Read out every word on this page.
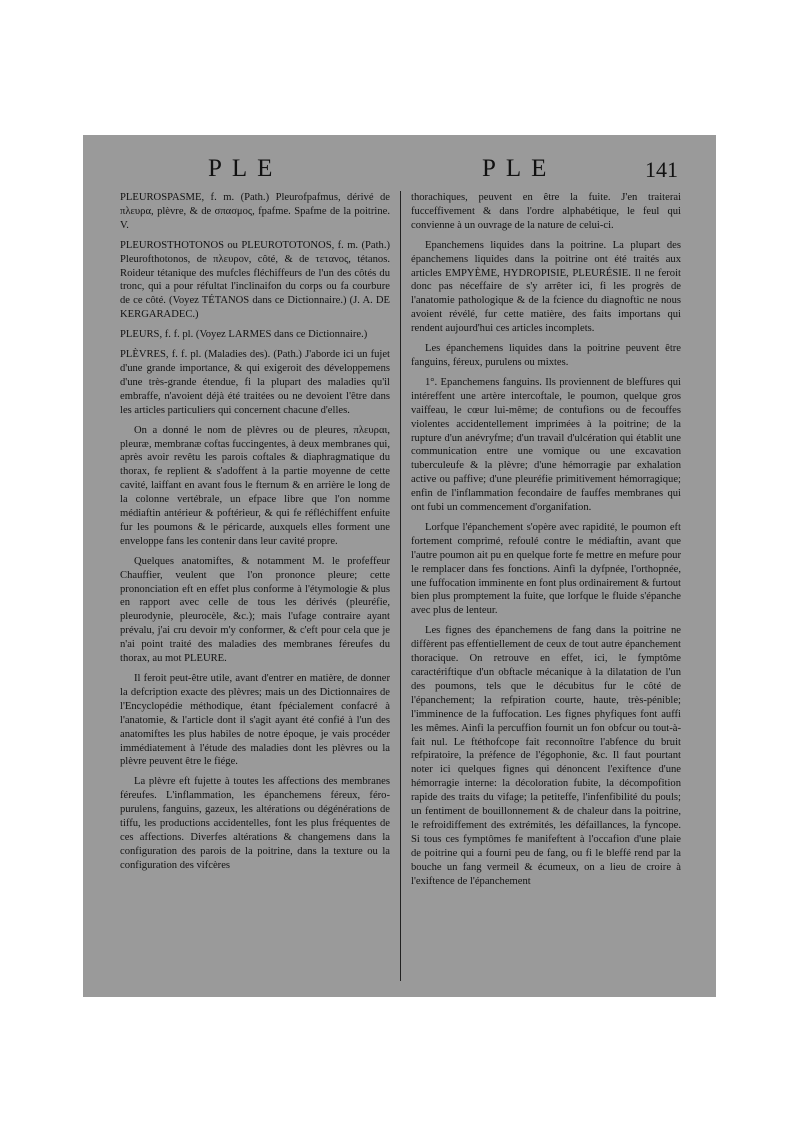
PLE	PLE	141

PLEUROSPASME, f. m. (Path.) Pleurofpafmus, dérivé de πλευρα, plèvre, & de σπασμος, fpafme. Spafme de la poitrine. V.

PLEUROSTHOTONOS ou PLEUROTOTONOS, f. m. (Path.) Pleurofthotonos, de πλευρον, côté, & de τετανος, tétanos. Roideur tétanique des mufcles fléchiffeurs de l'un des côtés du tronc, qui a pour réfultat l'inclinaifon du corps ou fa courbure de ce côté. (Voyez TÉTANOS dans ce Dictionnaire.) (J. A. DE KERGARADEC.)

PLEURS, f. f. pl. (Voyez LARMES dans ce Dictionnaire.)

PLÈVRES, f. f. pl. (Maladies des). (Path.) J'aborde ici un fujet d'une grande importance, & qui exigeroit des développemens d'une très-grande étendue, fi la plupart des maladies qu'il embraffe, n'avoient déjà été traitées ou ne devoient l'être dans les articles particuliers qui concernent chacune d'elles.

On a donné le nom de plèvres ou de pleures, πλευραι, pleuræ, membranæ coftas fuccingentes, à deux membranes qui, après avoir revêtu les parois coftales & diaphragmatique du thorax, fe replient & s'adoffent à la partie moyenne de cette cavité, laiffant en avant fous le fternum & en arrière le long de la colonne vertébrale, un efpace libre que l'on nomme médiaftin antérieur & poftérieur, & qui fe réfléchiffent enfuite fur les poumons & le péricarde, auxquels elles forment une enveloppe fans les contenir dans leur cavité propre.

Quelques anatomiftes, & notamment M. le profeffeur Chauffier, veulent que l'on prononce pleure; cette prononciation eft en effet plus conforme à l'étymologie & plus en rapport avec celle de tous les dérivés (pleuréfie, pleurodynie, pleurocèle, &c.); mais l'ufage contraire ayant prévalu, j'ai cru devoir m'y conformer, & c'eft pour cela que je n'ai point traité des maladies des membranes féreufes du thorax, au mot PLEURE.

Il feroit peut-être utile, avant d'entrer en matière, de donner la defcription exacte des plèvres; mais un des Dictionnaires de l'Encyclopédie méthodique, étant fpécialement confacré à l'anatomie, & l'article dont il s'agit ayant été confié à l'un des anatomiftes les plus habiles de notre époque, je vais procéder immédiatement à l'étude des maladies dont les plèvres ou la plèvre peuvent être le fiége.

La plèvre eft fujette à toutes les affections des membranes féreufes. L'inflammation, les épanchemens féreux, féro-purulens, fanguins, gazeux, les altérations ou dégénérations de tiffu, les productions accidentelles, font les plus fréquentes de ces affections. Diverfes altérations & changemens dans la configuration des parois de la poitrine, dans la texture ou la configuration des vifcères

thorachiques, peuvent en être la fuite. J'en traiterai fucceffivement & dans l'ordre alphabétique, le feul qui convienne à un ouvrage de la nature de celui-ci.

Epanchemens liquides dans la poitrine. La plupart des épanchemens liquides dans la poitrine ont été traités aux articles EMPYÈME, HYDROPISIE, PLEURÉSIE. Il ne feroit donc pas néceffaire de s'y arrêter ici, fi les progrès de l'anatomie pathologique & de la fcience du diagnoftic ne nous avoient révélé, fur cette matière, des faits importans qui rendent aujourd'hui ces articles incomplets.

Les épanchemens liquides dans la poitrine peuvent être fanguins, féreux, purulens ou mixtes.

1°. Epanchemens fanguins. Ils proviennent de bleffures qui intéreffent une artère intercoftale, le poumon, quelque gros vaiffeau, le cœur lui-même; de contufions ou de fecouffes violentes accidentellement imprimées à la poitrine; de la rupture d'un anévryfme; d'un travail d'ulcération qui établit une communication entre une vomique ou une excavation tuberculeufe & la plèvre; d'une hémorragie par exhalation active ou paffive; d'une pleuréfie primitivement hémorragique; enfin de l'inflammation fecondaire de fauffes membranes qui ont fubi un commencement d'organifation.

Lorfque l'épanchement s'opère avec rapidité, le poumon eft fortement comprimé, refoulé contre le médiaftin, avant que l'autre poumon ait pu en quelque forte fe mettre en mefure pour le remplacer dans fes fonctions. Ainfi la dyfpnée, l'orthopnée, une fuffocation imminente en font plus ordinairement & furtout bien plus promptement la fuite, que lorfque le fluide s'épanche avec plus de lenteur.

Les fignes des épanchemens de fang dans la poitrine ne diffèrent pas effentiellement de ceux de tout autre épanchement thoracique. On retrouve en effet, ici, le fymptôme caractériftique d'un obftacle mécanique à la dilatation de l'un des poumons, tels que le décubitus fur le côté de l'épanchement; la refpiration courte, haute, très-pénible; l'imminence de la fuffocation. Les fignes phyfiques font auffi les mêmes. Ainfi la percuffion fournit un fon obfcur ou tout-à-fait nul. Le ftéthofcope fait reconnoître l'abfence du bruit refpiratoire, la préfence de l'égophonie, &c. Il faut pourtant noter ici quelques fignes qui dénoncent l'exiftence d'une hémorragie interne: la décoloration fubite, la décompofition rapide des traits du vifage; la petiteffe, l'infenfibilité du pouls; un fentiment de bouillonnement & de chaleur dans la poitrine, le refroidiffement des extrémités, les défaillances, la fyncope. Si tous ces fymptômes fe manifeftent à l'occafion d'une plaie de poitrine qui a fourni peu de fang, ou fi le bleffé rend par la bouche un fang vermeil & écumeux, on a lieu de croire à l'exiftence de l'épanchement
